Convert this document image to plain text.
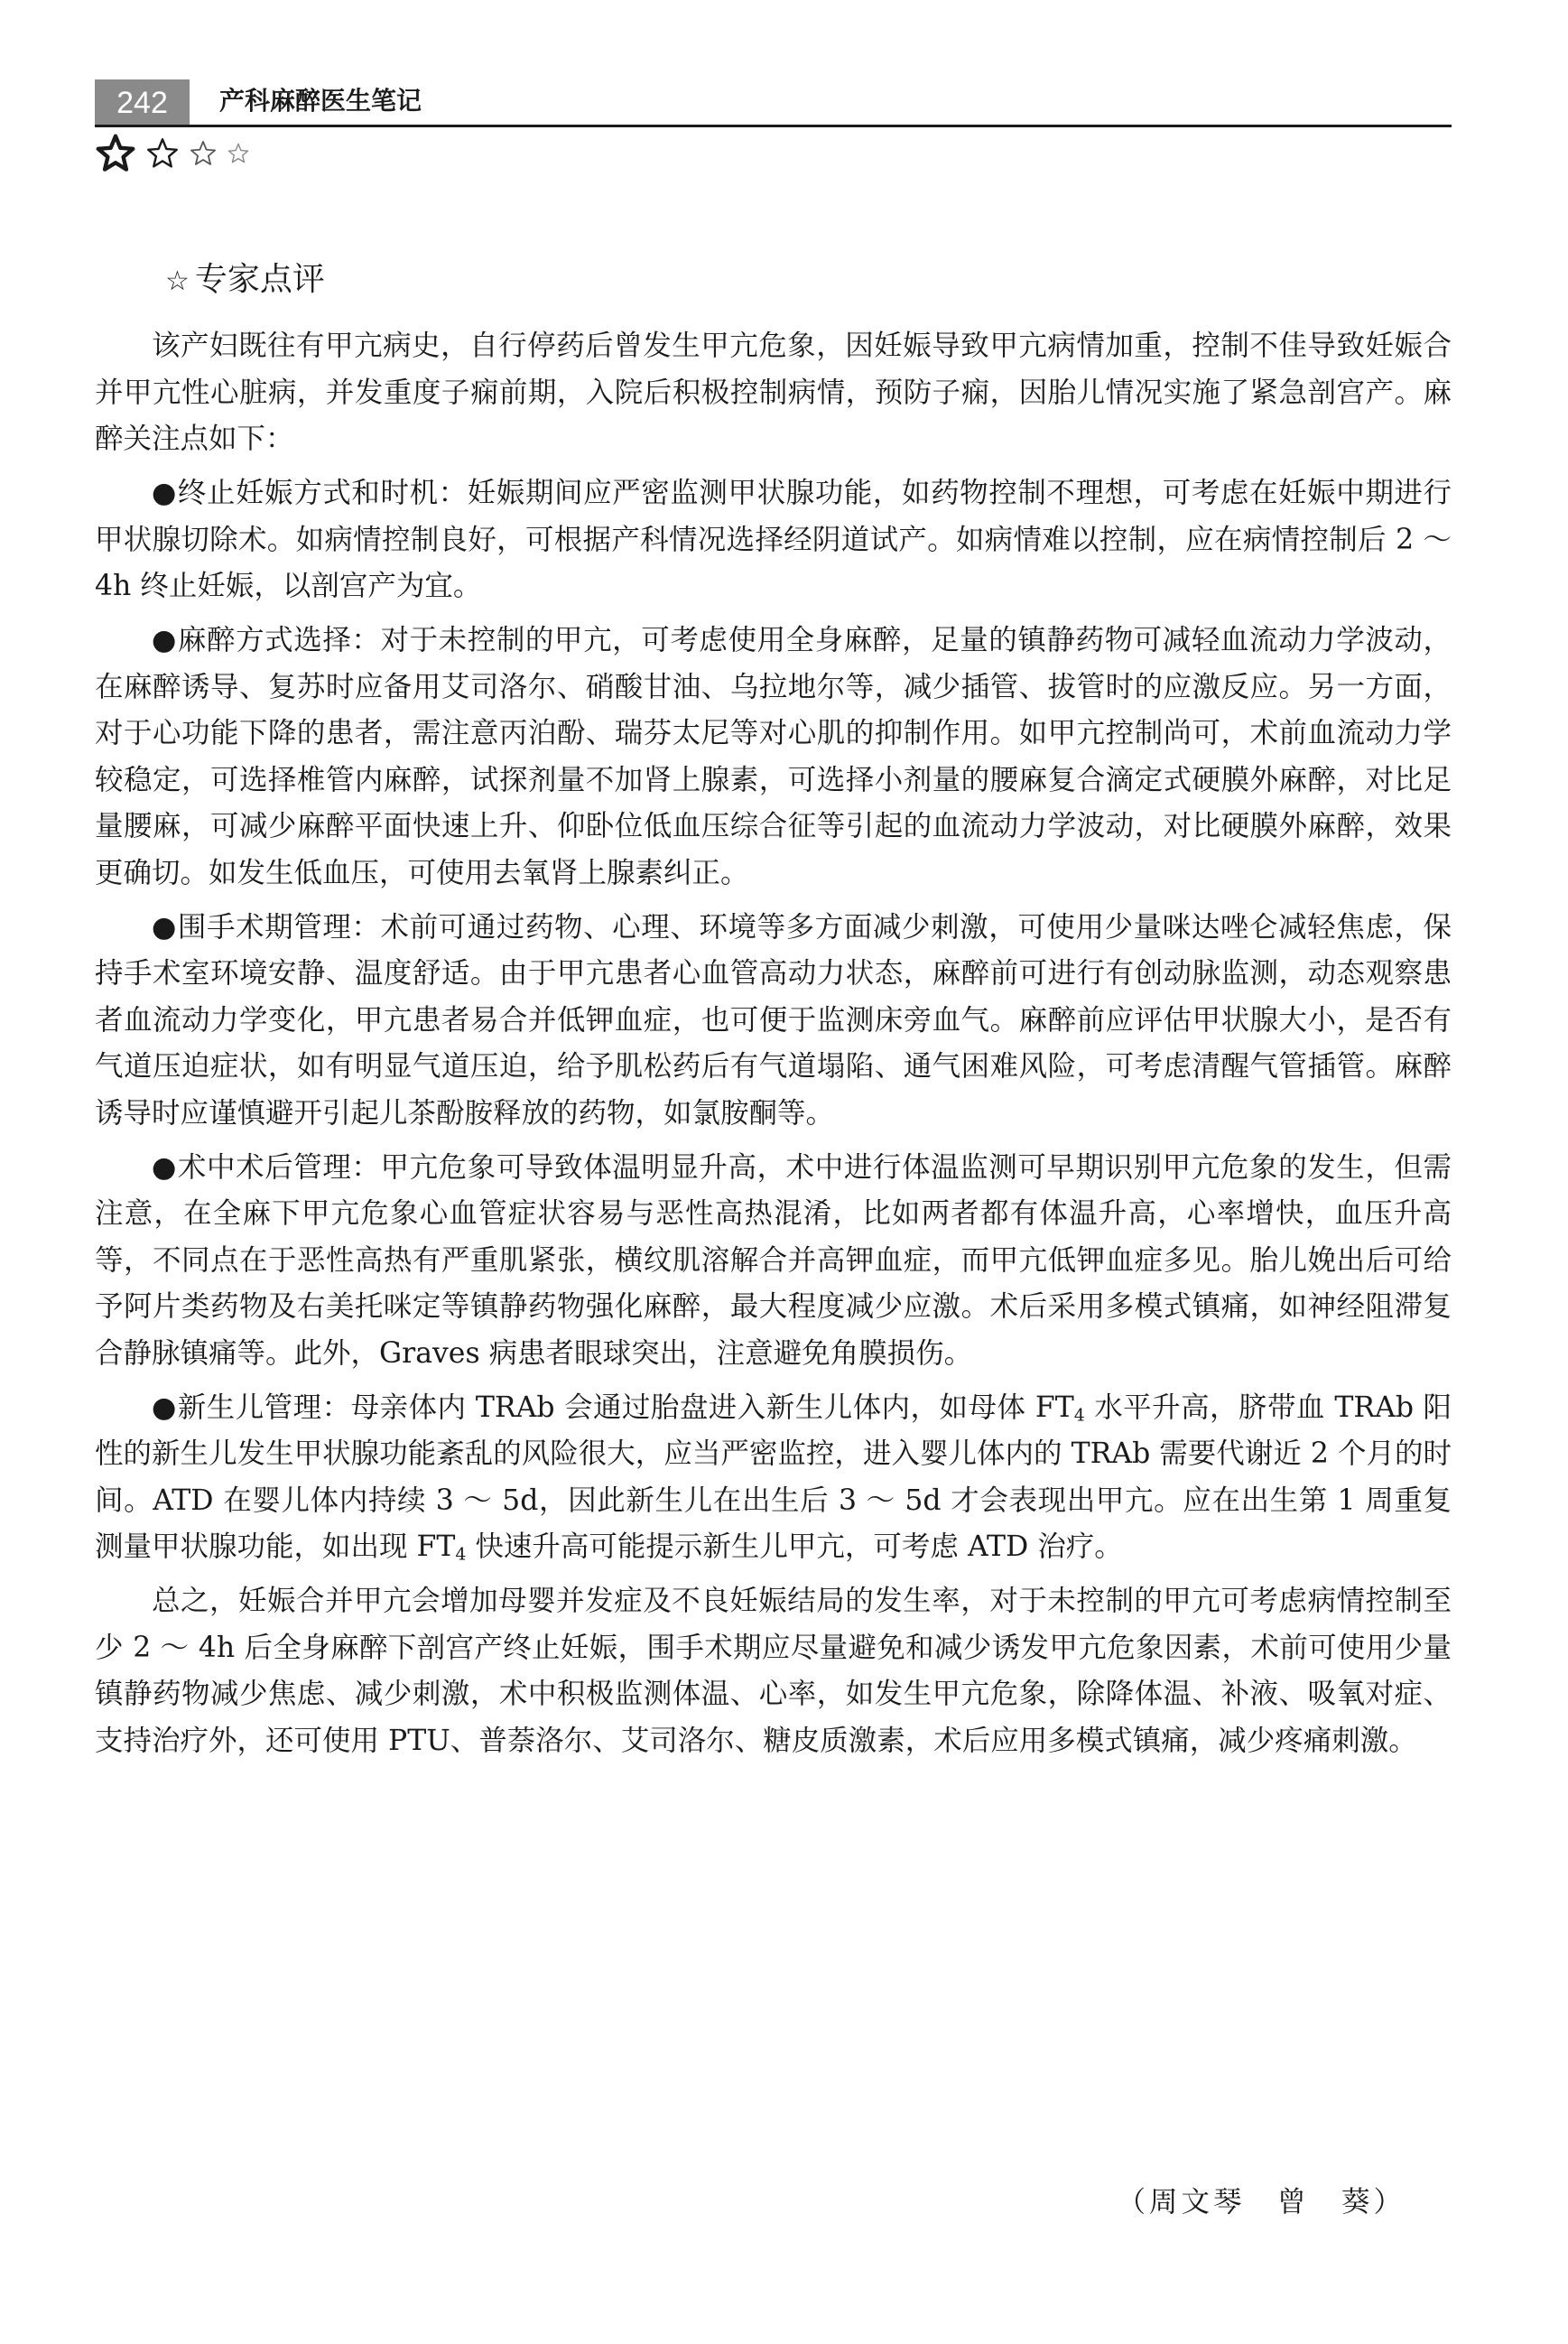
242	产科麻醉医生笔记
☆ 专家点评

该产妇既往有甲亢病史，自行停药后曾发生甲亢危象，因妊娠导致甲亢病情加重，控制不佳导致妊娠合并甲亢性心脏病，并发重度子痫前期，入院后积极控制病情，预防子痫，因胎儿情况实施了紧急剖宫产。麻醉关注点如下：

●终止妊娠方式和时机：妊娠期间应严密监测甲状腺功能，如药物控制不理想，可考虑在妊娠中期进行甲状腺切除术。如病情控制良好，可根据产科情况选择经阴道试产。如病情难以控制，应在病情控制后 2 ～ 4h 终止妊娠，以剖宫产为宜。

●麻醉方式选择：对于未控制的甲亢，可考虑使用全身麻醉，足量的镇静药物可减轻血流动力学波动，在麻醉诱导、复苏时应备用艾司洛尔、硝酸甘油、乌拉地尔等，减少插管、拔管时的应激反应。另一方面，对于心功能下降的患者，需注意丙泊酚、瑞芬太尼等对心肌的抑制作用。如甲亢控制尚可，术前血流动力学较稳定，可选择椎管内麻醉，试探剂量不加肾上腺素，可选择小剂量的腰麻复合滴定式硬膜外麻醉，对比足量腰麻，可减少麻醉平面快速上升、仰卧位低血压综合征等引起的血流动力学波动，对比硬膜外麻醉，效果更确切。如发生低血压，可使用去氧肾上腺素纠正。

●围手术期管理：术前可通过药物、心理、环境等多方面减少刺激，可使用少量咪达唑仑减轻焦虑，保持手术室环境安静、温度舒适。由于甲亢患者心血管高动力状态，麻醉前可进行有创动脉监测，动态观察患者血流动力学变化，甲亢患者易合并低钾血症，也可便于监测床旁血气。麻醉前应评估甲状腺大小，是否有气道压迫症状，如有明显气道压迫，给予肌松药后有气道塌陷、通气困难风险，可考虑清醒气管插管。麻醉诱导时应谨慎避开引起儿茶酚胺释放的药物，如氯胺酮等。

●术中术后管理：甲亢危象可导致体温明显升高，术中进行体温监测可早期识别甲亢危象的发生，但需注意，在全麻下甲亢危象心血管症状容易与恶性高热混淆，比如两者都有体温升高，心率增快，血压升高等，不同点在于恶性高热有严重肌紧张，横纹肌溶解合并高钾血症，而甲亢低钾血症多见。胎儿娩出后可给予阿片类药物及右美托咪定等镇静药物强化麻醉，最大程度减少应激。术后采用多模式镇痛，如神经阻滞复合静脉镇痛等。此外，Graves 病患者眼球突出，注意避免角膜损伤。

●新生儿管理：母亲体内 TRAb 会通过胎盘进入新生儿体内，如母体 $FT_4$ 水平升高，脐带血 TRAb 阳性的新生儿发生甲状腺功能紊乱的风险很大，应当严密监控，进入婴儿体内的 TRAb 需要代谢近 2 个月的时间。ATD 在婴儿体内持续 3 ～ 5d，因此新生儿在出生后 3 ～ 5d 才会表现出甲亢。应在出生第 1 周重复测量甲状腺功能，如出现 $FT_4$ 快速升高可能提示新生儿甲亢，可考虑 ATD 治疗。

总之，妊娠合并甲亢会增加母婴并发症及不良妊娠结局的发生率，对于未控制的甲亢可考虑病情控制至少 2 ～ 4h 后全身麻醉下剖宫产终止妊娠，围手术期应尽量避免和减少诱发甲亢危象因素，术前可使用少量镇静药物减少焦虑、减少刺激，术中积极监测体温、心率，如发生甲亢危象，除降体温、补液、吸氧对症、支持治疗外，还可使用 PTU、普萘洛尔、艾司洛尔、糖皮质激素，术后应用多模式镇痛，减少疼痛刺激。

（周文琴　曾　葵）
